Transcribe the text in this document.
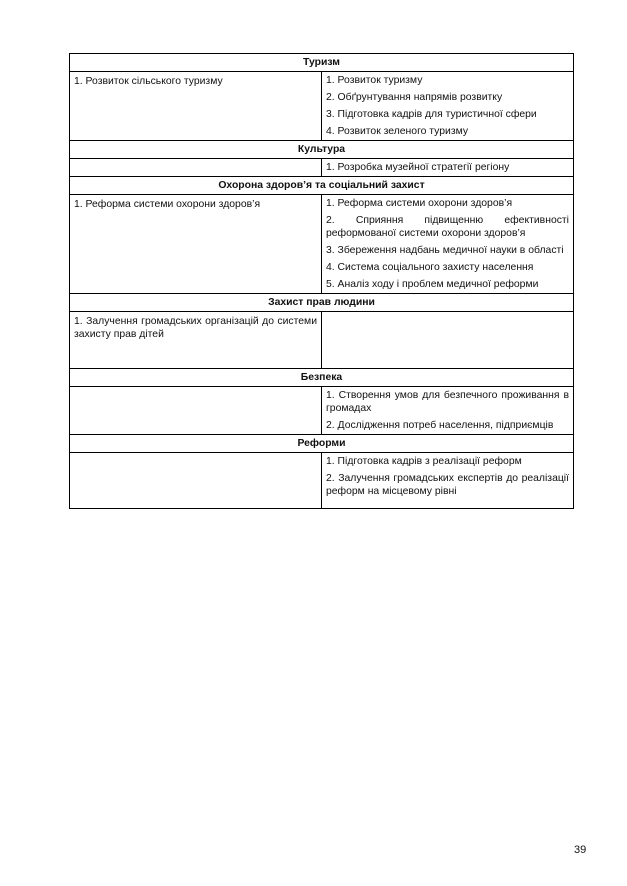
Туризм	

1. Розвиток сільського туризму	1. Розвиток туризму
2. Обґрунтування напрямів розвитку
3. Підготовка кадрів для туристичної сфери
4. Розвиток зеленого туризму

Культура	

	1. Розробка музейної стратегії регіону

Охорона здоров’я та соціальний захист	

1. Реформа системи охорони здоров’я	1. Реформа системи охорони здоров’я
2. Сприяння підвищенню ефективності реформованої системи охорони здоров’я
3. Збереження надбань медичної науки в області
4. Система соціального захисту населення
5. Аналіз ходу і проблем медичної реформи

Захист прав людини	

1. Залучення громадських організацій до системи захисту прав дітей	

Безпека	

	1. Створення умов для безпечного проживання в громадах
2. Дослідження потреб населення, підприємців

Реформи	

	1. Підготовка кадрів з реалізації реформ
2. Залучення громадських експертів до реалізації реформ на місцевому рівні
39
